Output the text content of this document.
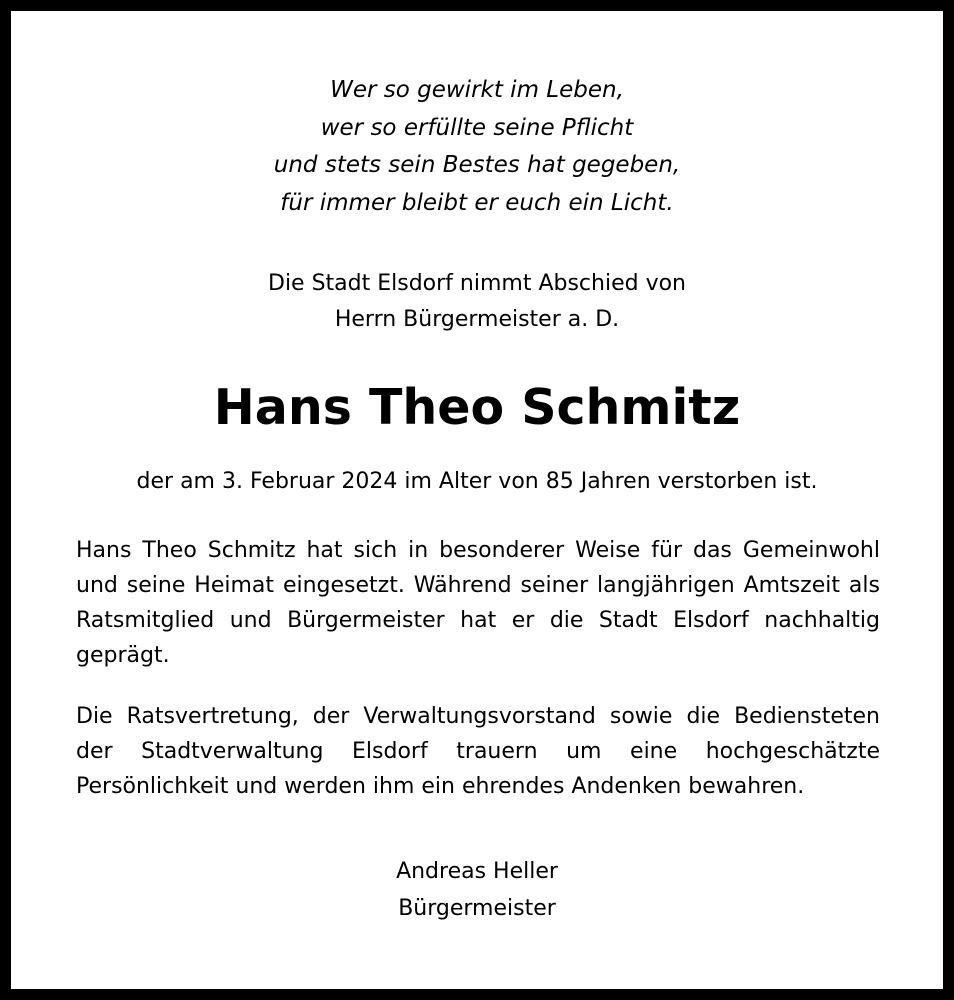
Wer so gewirkt im Leben,
wer so erfüllte seine Pflicht
und stets sein Bestes hat gegeben,
für immer bleibt er euch ein Licht.
Die Stadt Elsdorf nimmt Abschied von
Herrn Bürgermeister a. D.
Hans Theo Schmitz
der am 3. Februar 2024 im Alter von 85 Jahren verstorben ist.
Hans Theo Schmitz hat sich in besonderer Weise für das Gemeinwohl und seine Heimat eingesetzt. Während seiner langjährigen Amtszeit als Ratsmitglied und Bürgermeister hat er die Stadt Elsdorf nachhaltig geprägt.
Die Ratsvertretung, der Verwaltungsvorstand sowie die Bediensteten der Stadtverwaltung Elsdorf trauern um eine hochgeschätzte Persönlichkeit und werden ihm ein ehrendes Andenken bewahren.
Andreas Heller
Bürgermeister
